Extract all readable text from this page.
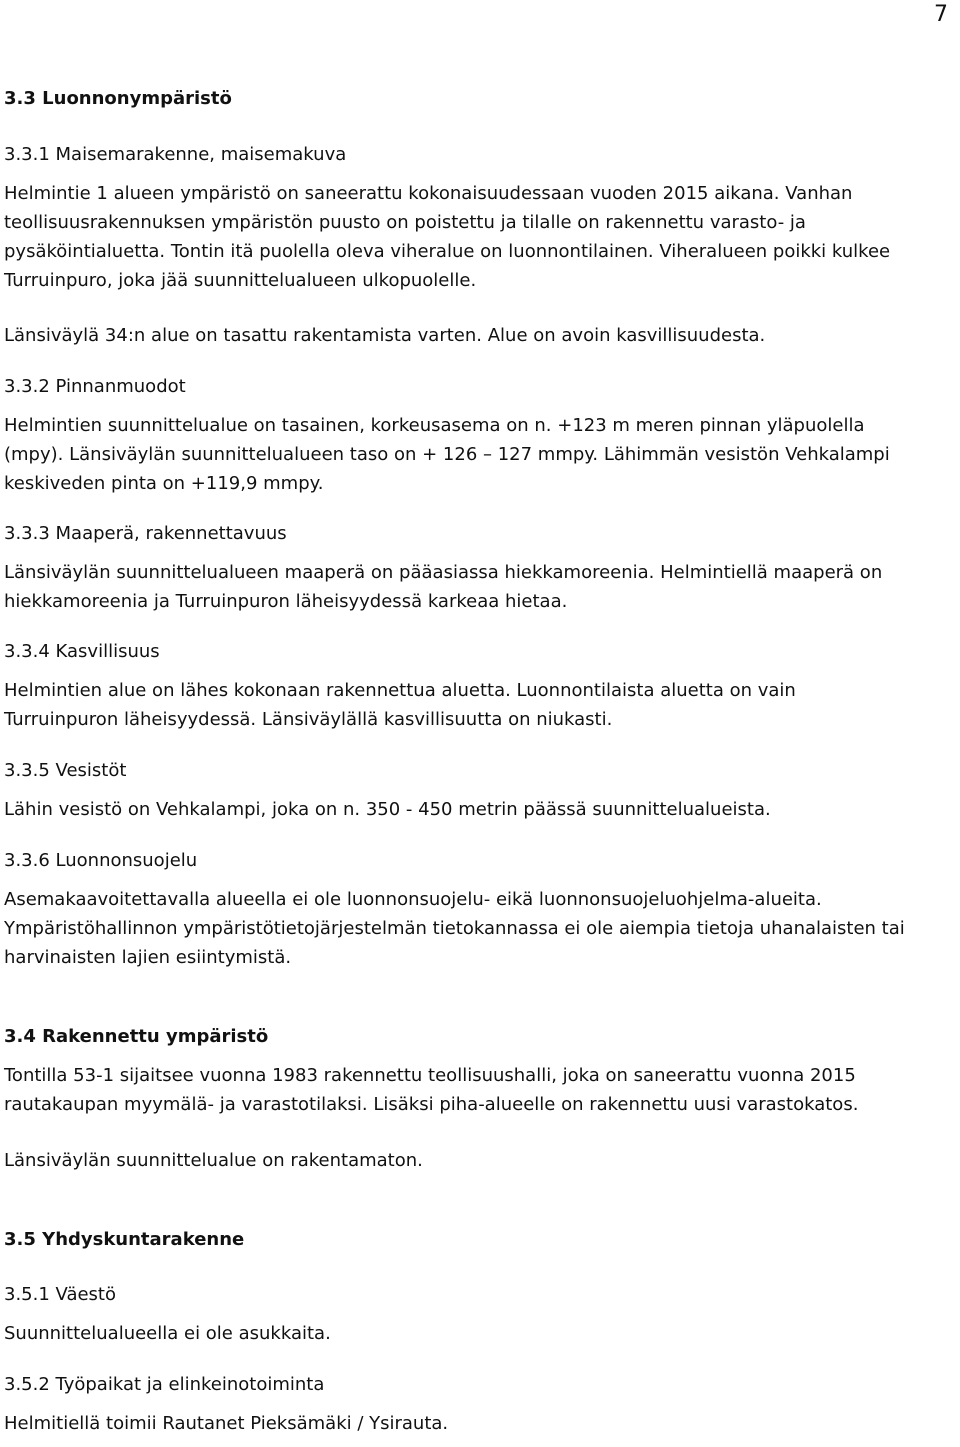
7
3.3 Luonnonympäristö
3.3.1 Maisemarakenne, maisemakuva
Helmintie 1 alueen ympäristö on saneerattu kokonaisuudessaan vuoden 2015 aikana. Vanhan
teollisuusrakennuksen ympäristön puusto on poistettu ja tilalle on rakennettu varasto- ja
pysäköintialuetta. Tontin itä puolella oleva viheralue on luonnontilainen. Viheralueen poikki kulkee
Turruinpuro, joka jää suunnittelualueen ulkopuolelle.
Länsiväylä 34:n alue on tasattu rakentamista varten. Alue on avoin kasvillisuudesta.
3.3.2 Pinnanmuodot
Helmintien suunnittelualue on tasainen, korkeusasema on n. +123 m meren pinnan yläpuolella
(mpy). Länsiväylän suunnittelualueen taso on + 126 – 127 mmpy. Lähimmän vesistön Vehkalampi
keskiveden pinta on +119,9 mmpy.
3.3.3 Maaperä, rakennettavuus
Länsiväylän suunnittelualueen maaperä on pääasiassa hiekkamoreenia. Helmintiellä maaperä on
hiekkamoreenia ja Turruinpuron läheisyydessä karkeaa hietaa.
3.3.4 Kasvillisuus
Helmintien alue on lähes kokonaan rakennettua aluetta. Luonnontilaista aluetta on vain
Turruinpuron läheisyydessä. Länsiväylällä kasvillisuutta on niukasti.
3.3.5 Vesistöt
Lähin vesistö on Vehkalampi, joka on n. 350 - 450 metrin päässä suunnittelualueista.
3.3.6 Luonnonsuojelu
Asemakaavoitettavalla alueella ei ole luonnonsuojelu- eikä luonnonsuojeluohjelma-alueita.
Ympäristöhallinnon ympäristötietojärjestelmän tietokannassa ei ole aiempia tietoja uhanalaisten tai
harvinaisten lajien esiintymistä.
3.4 Rakennettu ympäristö
Tontilla 53-1 sijaitsee vuonna 1983 rakennettu teollisuushalli, joka on saneerattu vuonna 2015
rautakaupan myymälä- ja varastotilaksi. Lisäksi piha-alueelle on rakennettu uusi varastokatos.
Länsiväylän suunnittelualue on rakentamaton.
3.5 Yhdyskuntarakenne
3.5.1 Väestö
Suunnittelualueella ei ole asukkaita.
3.5.2 Työpaikat ja elinkeinotoiminta
Helmitiellä toimii Rautanet Pieksämäki / Ysirauta.
